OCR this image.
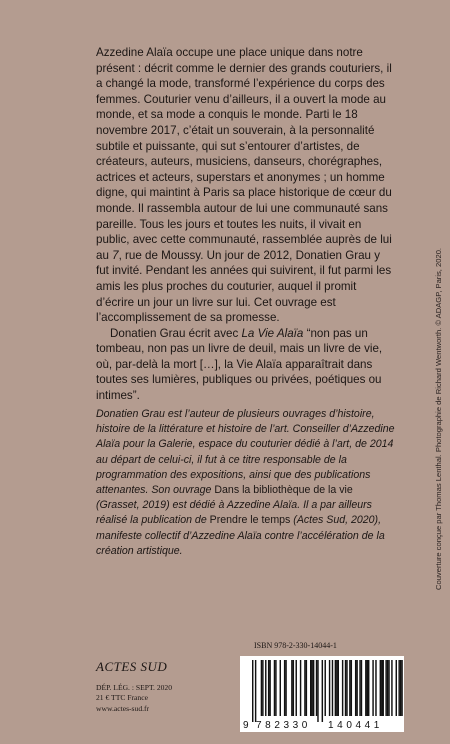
Azzedine Alaïa occupe une place unique dans notre présent : décrit comme le dernier des grands couturiers, il a changé la mode, transformé l’expérience du corps des femmes. Couturier venu d’ailleurs, il a ouvert la mode au monde, et sa mode a conquis le monde. Parti le 18 novembre 2017, c’était un souverain, à la personnalité subtile et puissante, qui sut s’entourer d’artistes, de créateurs, auteurs, musiciens, danseurs, chorégraphes, actrices et acteurs, superstars et anonymes ; un homme digne, qui maintint à Paris sa place historique de cœur du monde. Il rassembla autour de lui une communauté sans pareille. Tous les jours et toutes les nuits, il vivait en public, avec cette communauté, rassemblée auprès de lui au 7, rue de Moussy. Un jour de 2012, Donatien Grau y fut invité. Pendant les années qui suivirent, il fut parmi les amis les plus proches du couturier, auquel il promit d’écrire un jour un livre sur lui. Cet ouvrage est l’accomplissement de sa promesse.

Donatien Grau écrit avec La Vie Alaïa “non pas un tombeau, non pas un livre de deuil, mais un livre de vie, où, par-delà la mort […], la Vie Alaïa apparaîtrait dans toutes ses lumières, publiques ou privées, poétiques ou intimes”.

Donatien Grau est l’auteur de plusieurs ouvrages d’histoire, histoire de la littérature et histoire de l’art. Conseiller d’Azzedine Alaïa pour la Galerie, espace du couturier dédié à l’art, de 2014 au départ de celui-ci, il fut à ce titre responsable de la programmation des expositions, ainsi que des publications attenantes. Son ouvrage Dans la bibliothèque de la vie (Grasset, 2019) est dédié à Azzedine Alaïa. Il a par ailleurs réalisé la publication de Prendre le temps (Actes Sud, 2020), manifeste collectif d’Azzedine Alaïa contre l’accélération de la création artistique.	Couverture conçue par Thomas Lenthal. Photographie de Richard Wentworth. © ADAGP, Paris, 2020.
ISBN 978-2-330-14044-1
9 782330 140441
ACTES SUD
DÉP. LÉG. : SEPT. 2020
21 € TTC France
www.actes-sud.fr
